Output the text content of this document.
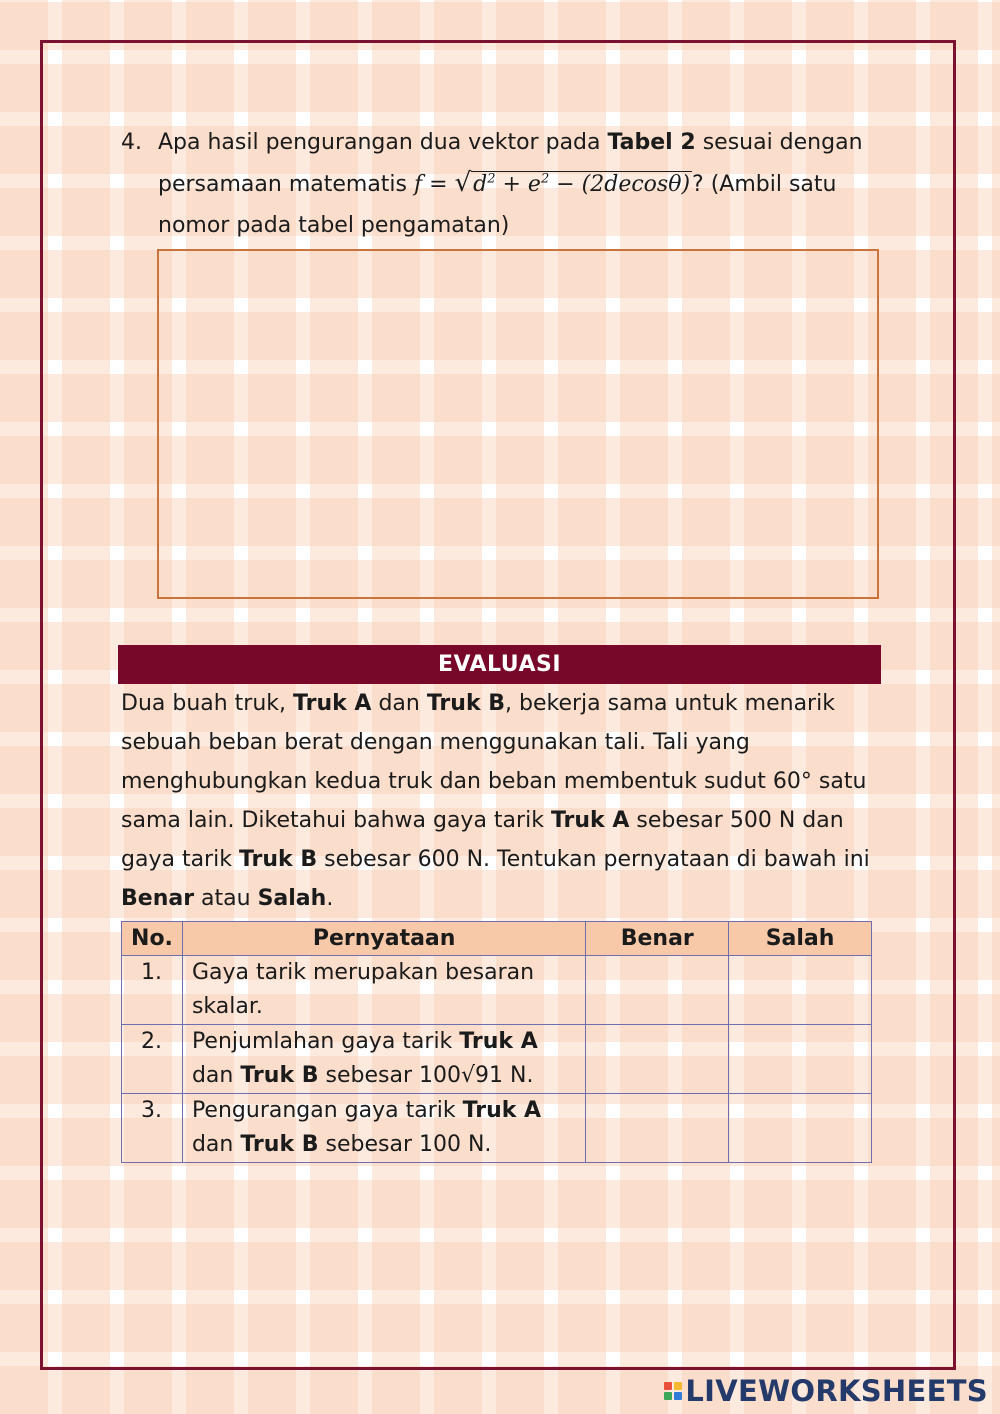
4. Apa hasil pengurangan dua vektor pada Tabel 2 sesuai dengan persamaan matematis $f = √d^2 + e^2 - (2decos\theta)$? (Ambil satu nomor pada tabel pengamatan)
EVALUASI
Dua buah truk, Truk A dan Truk B, bekerja sama untuk menarik sebuah beban berat dengan menggunakan tali. Tali yang menghubungkan kedua truk dan beban membentuk sudut 60° satu sama lain. Diketahui bahwa gaya tarik Truk A sebesar 500 N dan gaya tarik Truk B sebesar 600 N. Tentukan pernyataan di bawah ini Benar atau Salah.
No.	Pernyataan	Benar	Salah
1.	Gaya tarik merupakan besaran skalar.		
2.	Penjumlahan gaya tarik Truk A dan Truk B sebesar 100√91 N.		
3.	Pengurangan gaya tarik Truk A dan Truk B sebesar 100 N.		
LIVEWORKSHEETS
